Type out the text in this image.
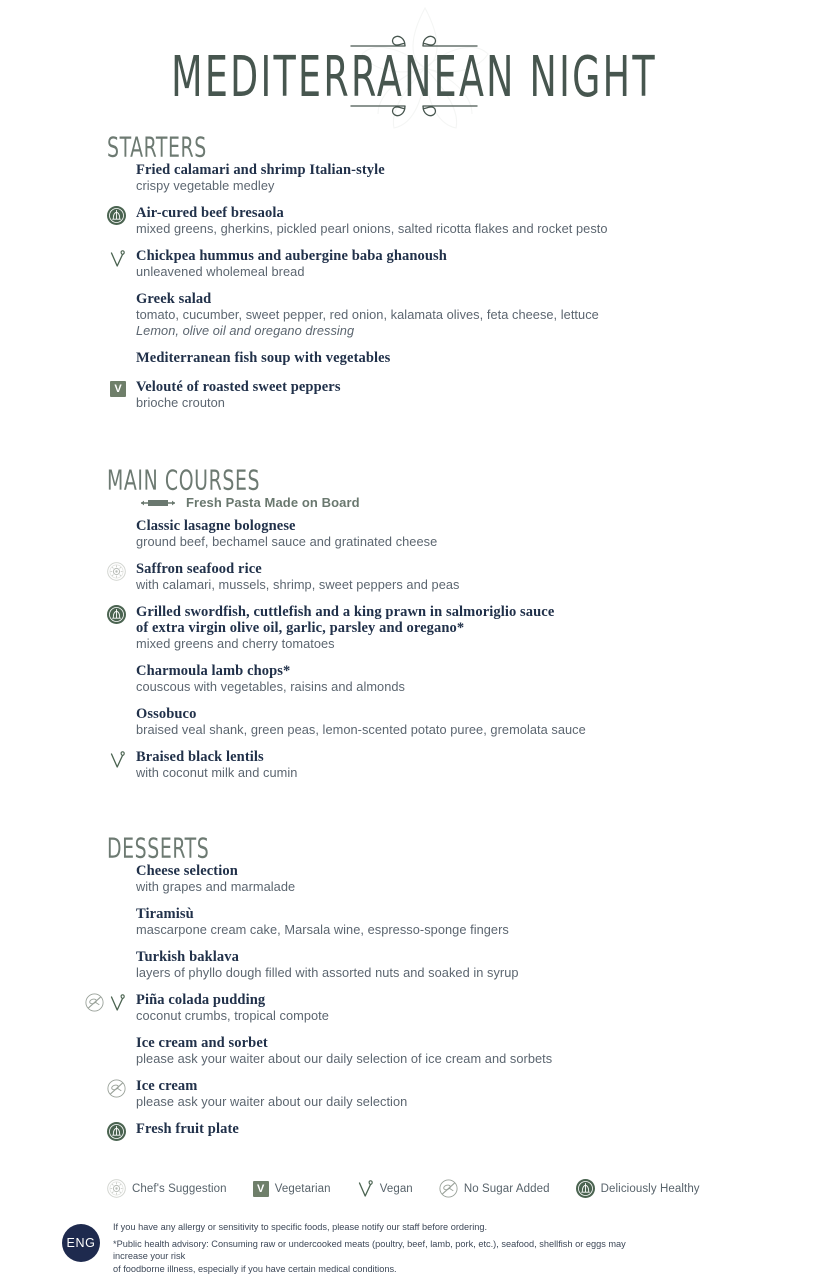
MEDITERRANEAN NIGHT
STARTERS
Fried calamari and shrimp Italian-style
crispy vegetable medley
Air-cured beef bresaola
mixed greens, gherkins, pickled pearl onions, salted ricotta flakes and rocket pesto
Chickpea hummus and aubergine baba ghanoush
unleavened wholemeal bread
Greek salad
tomato, cucumber, sweet pepper, red onion, kalamata olives, feta cheese, lettuce
Lemon, olive oil and oregano dressing
Mediterranean fish soup with vegetables
V Velouté of roasted sweet peppers
brioche crouton
MAIN COURSES
Fresh Pasta Made on Board
Classic lasagne bolognese
ground beef, bechamel sauce and gratinated cheese
Saffron seafood rice
with calamari, mussels, shrimp, sweet peppers and peas
Grilled swordfish, cuttlefish and a king prawn in salmoriglio sauce
of extra virgin olive oil, garlic, parsley and oregano*
mixed greens and cherry tomatoes
Charmoula lamb chops*
couscous with vegetables, raisins and almonds
Ossobuco
braised veal shank, green peas, lemon-scented potato puree, gremolata sauce
Braised black lentils
with coconut milk and cumin
DESSERTS
Cheese selection
with grapes and marmalade
Tiramisù
mascarpone cream cake, Marsala wine, espresso-sponge fingers
Turkish baklava
layers of phyllo dough filled with assorted nuts and soaked in syrup
Piña colada pudding
coconut crumbs, tropical compote
Ice cream and sorbet
please ask your waiter about our daily selection of ice cream and sorbets
Ice cream
please ask your waiter about our daily selection
Fresh fruit plate
Chef's Suggestion	V Vegetarian	Vegan	No Sugar Added	Deliciously Healthy
ENG
If you have any allergy or sensitivity to specific foods, please notify our staff before ordering.
*Public health advisory: Consuming raw or undercooked meats (poultry, beef, lamb, pork, etc.), seafood, shellfish or eggs may increase your risk
of foodborne illness, especially if you have certain medical conditions.
